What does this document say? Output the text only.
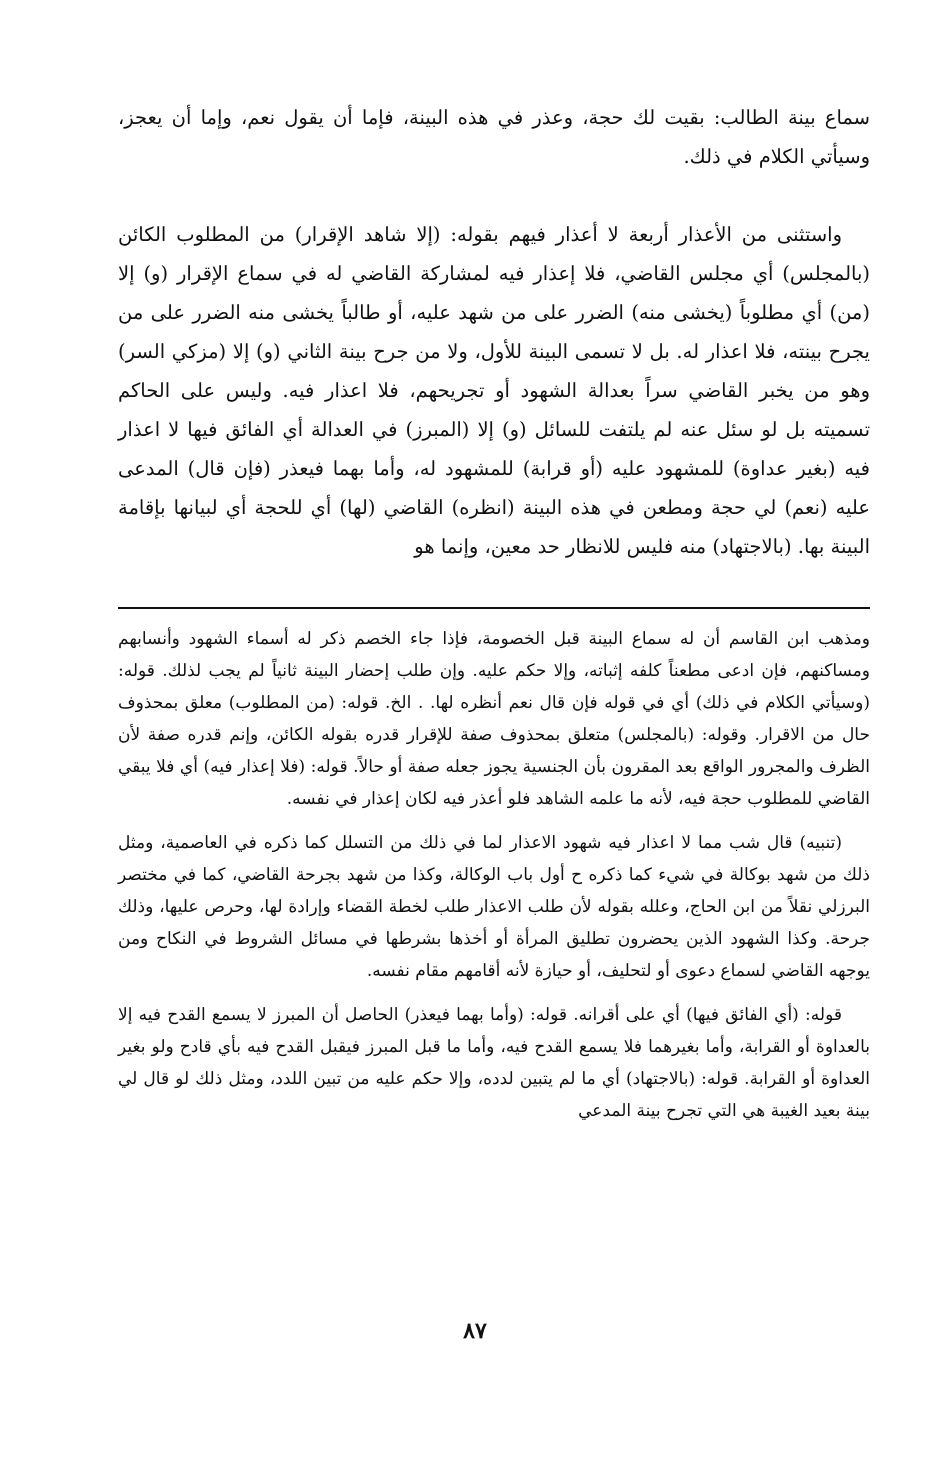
سماع بينة الطالب: بقيت لك حجة، وعذر في هذه البينة، فإما أن يقول نعم، وإما أن يعجز، وسيأتي الكلام في ذلك.

واستثنى من الأعذار أربعة لا أعذار فيهم بقوله: (إلا شاهد الإقرار) من المطلوب الكائن (بالمجلس) أي مجلس القاضي، فلا إعذار فيه لمشاركة القاضي له في سماع الإقرار (و) إلا (من) أي مطلوباً (يخشى منه) الضرر على من شهد عليه، أو طالباً يخشى منه الضرر على من يجرح بينته، فلا اعذار له. بل لا تسمى البينة للأول، ولا من جرح بينة الثاني (و) إلا (مزكي السر) وهو من يخبر القاضي سراً بعدالة الشهود أو تجريحهم، فلا اعذار فيه. وليس على الحاكم تسميته بل لو سئل عنه لم يلتفت للسائل (و) إلا (المبرز) في العدالة أي الفائق فيها لا اعذار فيه (بغير عداوة) للمشهود عليه (أو قرابة) للمشهود له، وأما بهما فيعذر (فإن قال) المدعى عليه (نعم) لي حجة ومطعن في هذه البينة (انظره) القاضي (لها) أي للحجة أي لبيانها بإقامة البينة بها. (بالاجتهاد) منه فليس للانظار حد معين، وإنما هو

ومذهب ابن القاسم أن له سماع البينة قبل الخصومة، فإذا جاء الخصم ذكر له أسماء الشهود وأنسابهم ومساكنهم، فإن ادعى مطعناً كلفه إثباته، وإلا حكم عليه. وإن طلب إحضار البينة ثانياً لم يجب لذلك. قوله: (وسيأتي الكلام في ذلك) أي في قوله فإن قال نعم أنظره لها. . الخ. قوله: (من المطلوب) معلق بمحذوف حال من الاقرار. وقوله: (بالمجلس) متعلق بمحذوف صفة للإقرار قدره بقوله الكائن، وإنم قدره صفة لأن الظرف والمجرور الواقع بعد المقرون بأن الجنسية يجوز جعله صفة أو حالاً. قوله: (فلا إعذار فيه) أي فلا يبقي القاضي للمطلوب حجة فيه، لأنه ما علمه الشاهد فلو أعذر فيه لكان إعذار في نفسه.

(تنبيه) قال شب مما لا اعذار فيه شهود الاعذار لما في ذلك من التسلل كما ذكره في العاصمية، ومثل ذلك من شهد بوكالة في شيء كما ذكره ح أول باب الوكالة، وكذا من شهد بجرحة القاضي، كما في مختصر البرزلي نقلاً من ابن الحاج، وعلله بقوله لأن طلب الاعذار طلب لخطة القضاء وإرادة لها، وحرص عليها، وذلك جرحة. وكذا الشهود الذين يحضرون تطليق المرأة أو أخذها بشرطها في مسائل الشروط في النكاح ومن يوجهه القاضي لسماع دعوى أو لتحليف، أو حيازة لأنه أقامهم مقام نفسه.

قوله: (أي الفائق فيها) أي على أقرانه. قوله: (وأما بهما فيعذر) الحاصل أن المبرز لا يسمع القدح فيه إلا بالعداوة أو القرابة، وأما بغيرهما فلا يسمع القدح فيه، وأما ما قبل المبرز فيقبل القدح فيه بأي قادح ولو بغير العداوة أو القرابة. قوله: (بالاجتهاد) أي ما لم يتبين لدده، وإلا حكم عليه من تبين اللدد، ومثل ذلك لو قال لي بينة بعيد الغيبة هي التي تجرح بينة المدعي

٨٧
